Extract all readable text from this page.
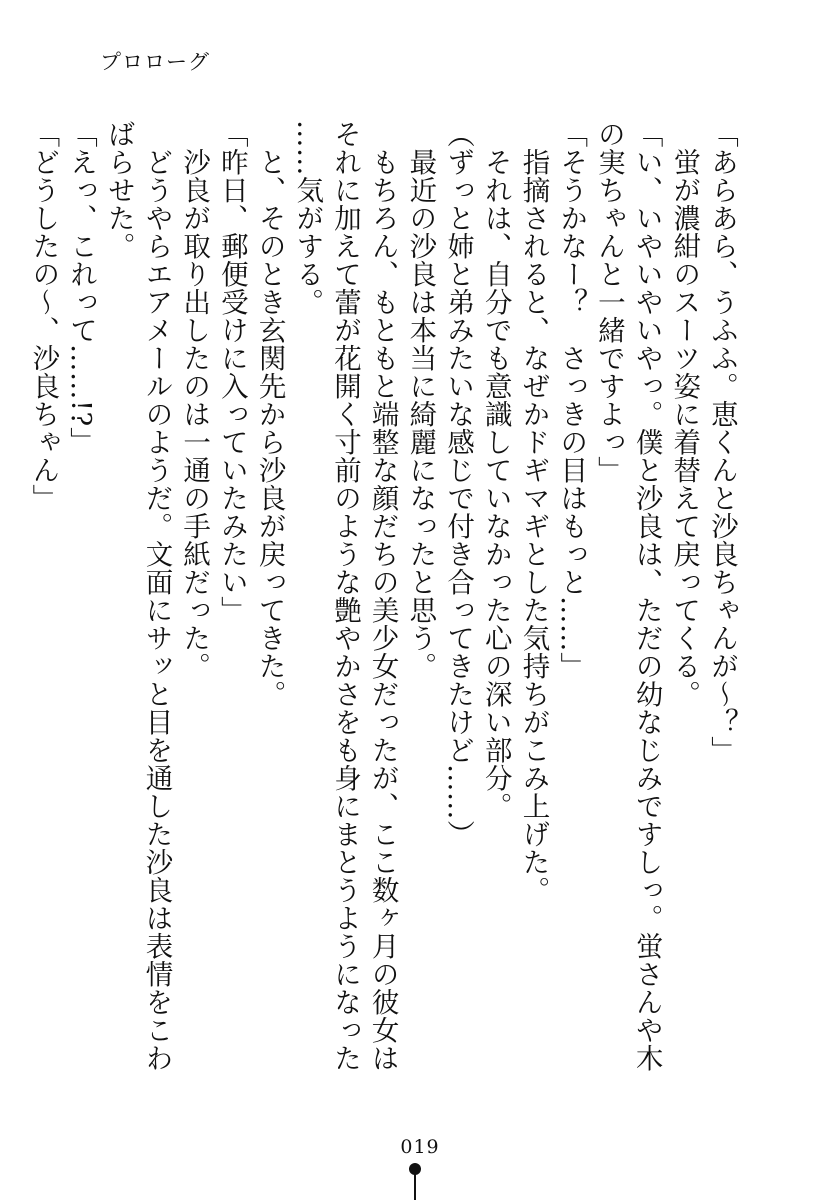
プロローグ

「あらあら、うふふ。恵くんと沙良ちゃんが〜？」

蛍が濃紺のスーツ姿に着替えて戻ってくる。

「い、いやいやいやっ。僕と沙良は、ただの幼なじみですしっ。蛍さんや木の実ちゃんと一緒ですよっ」

「そうかなー？　さっきの目はもっと……」

指摘されると、なぜかドギマギとした気持ちがこみ上げた。

それは、自分でも意識していなかった心の深い部分。

（ずっと姉と弟みたいな感じで付き合ってきたけど……）

最近の沙良は本当に綺麗になったと思う。

もちろん、もともと端整な顔だちの美少女だったが、ここ数ヶ月の彼女はそれに加えて蕾が花開く寸前のような艶やかさをも身にまとうようになった……気がする。

と、そのとき玄関先から沙良が戻ってきた。

「昨日、郵便受けに入っていたみたい」

沙良が取り出したのは一通の手紙だった。

どうやらエアメールのようだ。文面にサッと目を通した沙良は表情をこわばらせた。

「えっ、これって……!?」

「どうしたの〜、沙良ちゃん」

019
